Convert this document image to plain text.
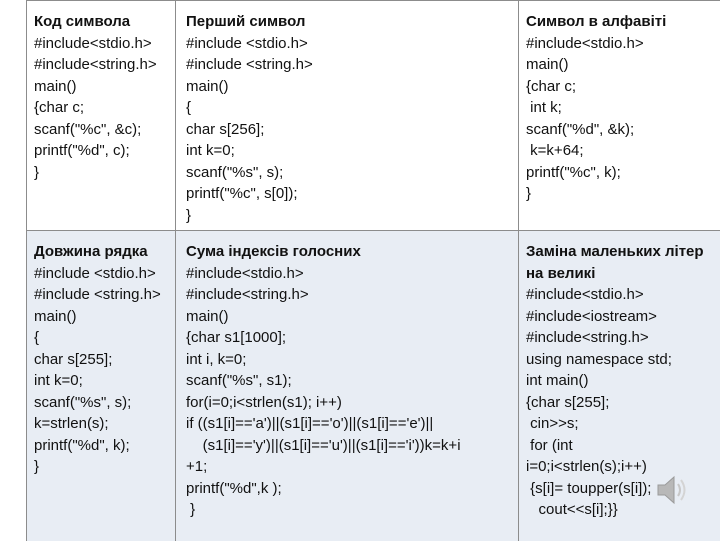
Код символа
#include<stdio.h>
#include<string.h>
main()
{char c;
scanf("%c", &c);
printf("%d", c);
}
Перший символ
#include <stdio.h>
#include <string.h>
main()
{
char s[256];
int k=0;
scanf("%s", s);
printf("%c", s[0]);
}
Символ в алфавіті
#include<stdio.h>
main()
{char c;
int k;
scanf("%d", &k);
k=k+64;
printf("%c", k);
}
Довжина рядка
#include <stdio.h>
#include <string.h>
main()
{
char s[255];
int k=0;
scanf("%s", s);
k=strlen(s);
printf("%d", k);
}
Сума індексів голосних
#include<stdio.h>
#include<string.h>
main()
{char s1[1000];
int i, k=0;
scanf("%s", s1);
for(i=0;i<strlen(s1); i++)
if ((s1[i]=='a')||(s1[i]=='o')||(s1[i]=='e')||
(s1[i]=='y')||(s1[i]=='u')||(s1[i]=='i'))k=k+i
+1;
printf("%d",k );
}
Заміна маленьких літер на великі
#include<stdio.h>
#include<iostream>
#include<string.h>
using namespace std;
int main()
{char s[255];
cin>>s;
for (int
i=0;i<strlen(s);i++)
{s[i]= toupper(s[i]);
cout<<s[i];}}
